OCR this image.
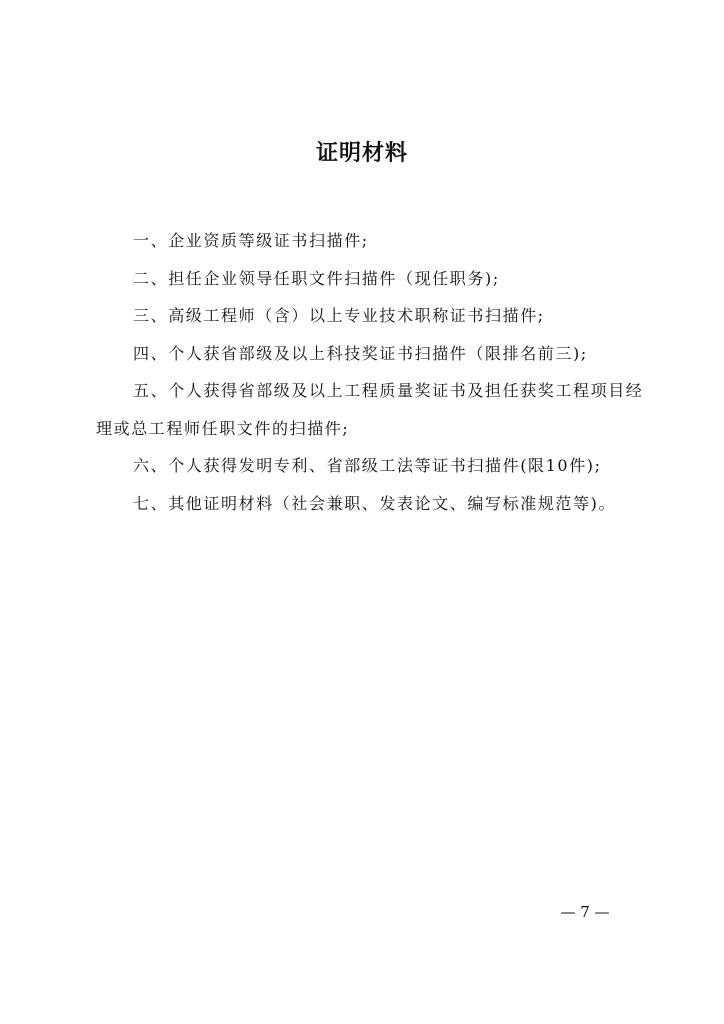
证明材料
一、企业资质等级证书扫描件;
二、担任企业领导任职文件扫描件（现任职务);
三、高级工程师（含）以上专业技术职称证书扫描件;
四、个人获省部级及以上科技奖证书扫描件（限排名前三);
五、个人获得省部级及以上工程质量奖证书及担任获奖工程项目经理或总工程师任职文件的扫描件;
六、个人获得发明专利、省部级工法等证书扫描件(限10件);
七、其他证明材料（社会兼职、发表论文、编写标准规范等)。
— 7 —
